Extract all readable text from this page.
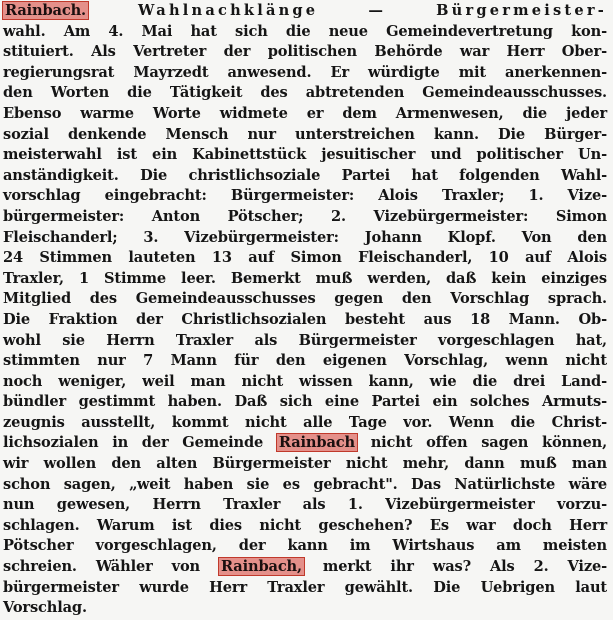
Rainbach. Wahlnachklänge — Bürgermeister-
wahl. Am 4. Mai hat sich die neue Gemeindevertretung kon-
stituiert. Als Vertreter der politischen Behörde war Herr Ober-
regierungsrat Mayrzedt anwesend. Er würdigte mit anerkennen-
den Worten die Tätigkeit des abtretenden Gemeindeausschusses.
Ebenso warme Worte widmete er dem Armenwesen, die jeder
sozial denkende Mensch nur unterstreichen kann. Die Bürger-
meisterwahl ist ein Kabinettstück jesuitischer und politischer Un-
anständigkeit. Die christlichsoziale Partei hat folgenden Wahl-
vorschlag eingebracht: Bürgermeister: Alois Traxler; 1. Vize-
bürgermeister: Anton Pötscher; 2. Vizebürgermeister: Simon
Fleischanderl; 3. Vizebürgermeister: Johann Klopf. Von den
24 Stimmen lauteten 13 auf Simon Fleischanderl, 10 auf Alois
Traxler, 1 Stimme leer. Bemerkt muß werden, daß kein einziges
Mitglied des Gemeindeausschusses gegen den Vorschlag sprach.
Die Fraktion der Christlichsozialen besteht aus 18 Mann. Ob-
wohl sie Herrn Traxler als Bürgermeister vorgeschlagen hat,
stimmten nur 7 Mann für den eigenen Vorschlag, wenn nicht
noch weniger, weil man nicht wissen kann, wie die drei Land-
bündler gestimmt haben. Daß sich eine Partei ein solches Armuts-
zeugnis ausstellt, kommt nicht alle Tage vor. Wenn die Christ-
lichsozialen in der Gemeinde Rainbach nicht offen sagen können,
wir wollen den alten Bürgermeister nicht mehr, dann muß man
schon sagen, „weit haben sie es gebracht". Das Natürlichste wäre
nun gewesen, Herrn Traxler als 1. Vizebürgermeister vorzu-
schlagen. Warum ist dies nicht geschehen? Es war doch Herr
Pötscher vorgeschlagen, der kann im Wirtshaus am meisten
schreien. Wähler von Rainbach, merkt ihr was? Als 2. Vize-
bürgermeister wurde Herr Traxler gewählt. Die Uebrigen laut
Vorschlag.
